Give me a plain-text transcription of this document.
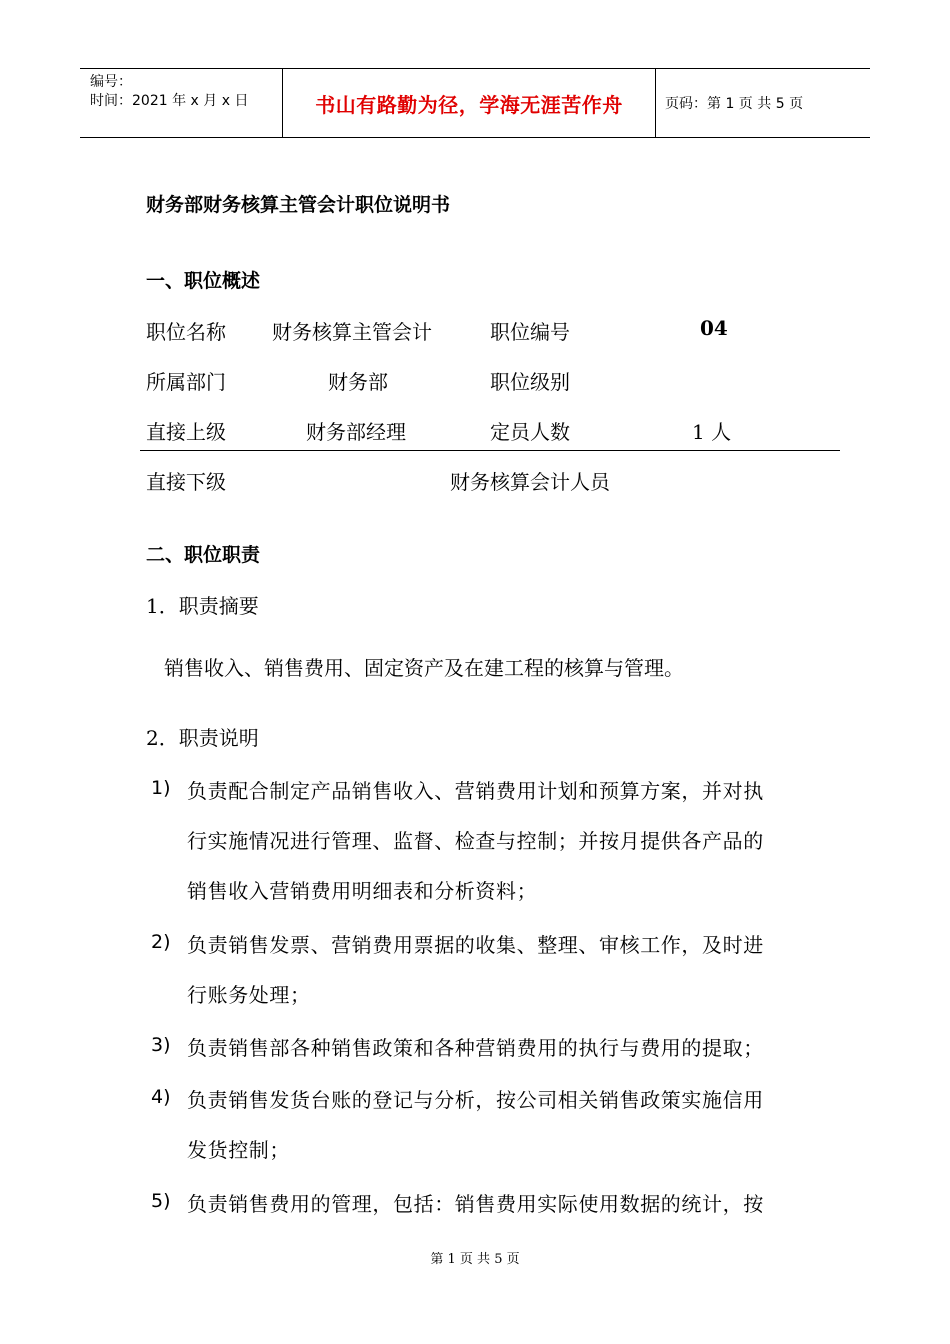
编号：
时间：2021 年 x 月 x 日	书山有路勤为径，学海无涯苦作舟	页码：第 1 页 共 5 页
财务部财务核算主管会计职位说明书
一、职位概述
职位名称 财务核算主管会计	职位编号	04
所属部门	财务部	职位级别
直接上级	财务部经理	定员人数	1 人
直接下级	财务核算会计人员
二、职位职责
1．职责摘要
销售收入、销售费用、固定资产及在建工程的核算与管理。
2．职责说明
1) 负责配合制定产品销售收入、营销费用计划和预算方案，并对执
行实施情况进行管理、监督、检查与控制；并按月提供各产品的
销售收入营销费用明细表和分析资料；
2) 负责销售发票、营销费用票据的收集、整理、审核工作，及时进
行账务处理；
3) 负责销售部各种销售政策和各种营销费用的执行与费用的提取；
4) 负责销售发货台账的登记与分析，按公司相关销售政策实施信用
发货控制；
5) 负责销售费用的管理，包括：销售费用实际使用数据的统计，按
第 1 页 共 5 页
